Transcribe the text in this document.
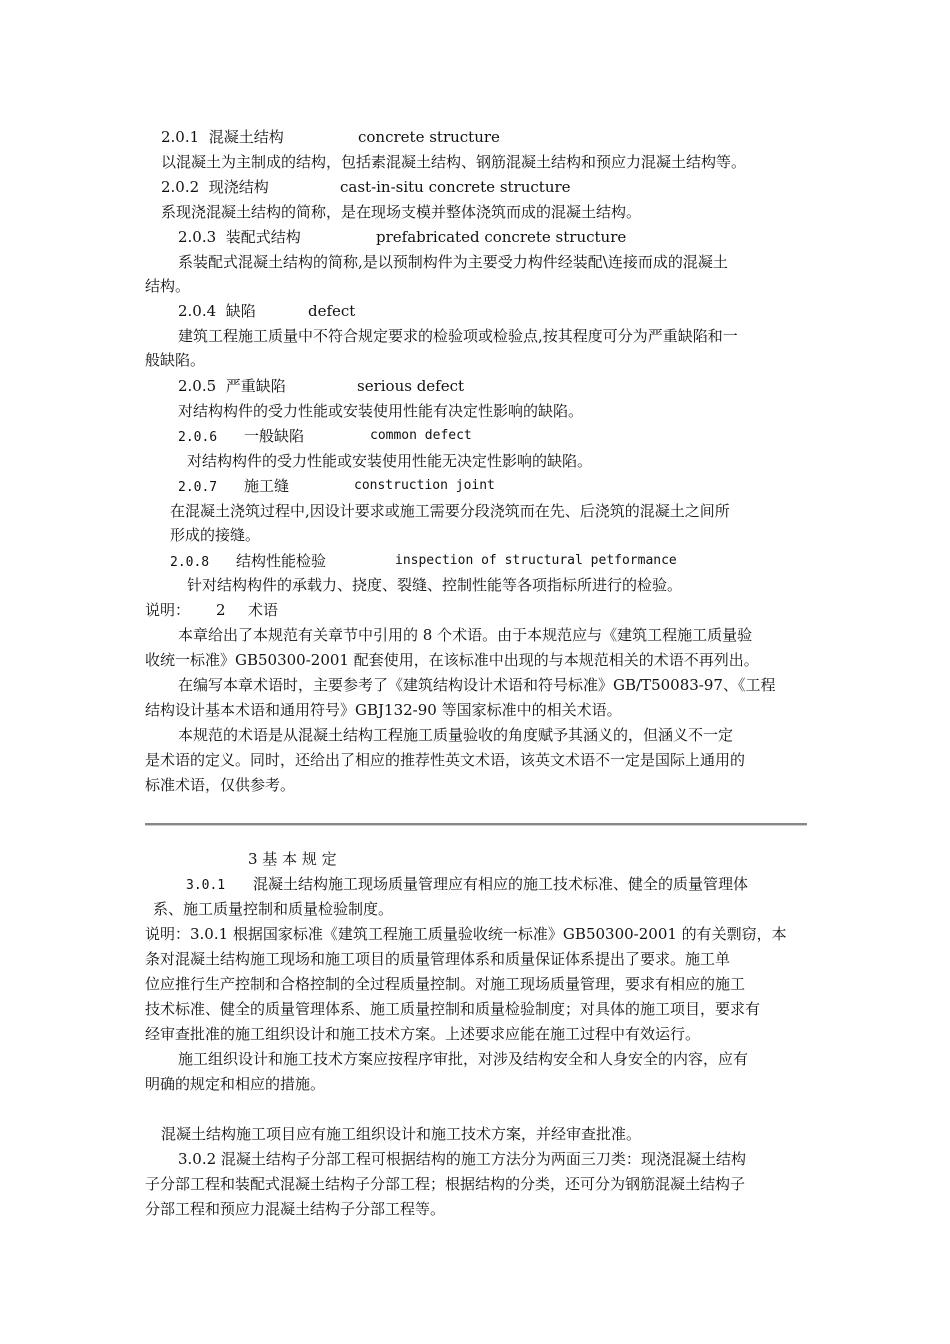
2.0.1 混凝土结构	concrete structure
以混凝土为主制成的结构，包括素混凝土结构、钢筋混凝土结构和预应力混凝土结构等。
2.0.2 现浇结构	cast-in-situ concrete structure
系现浇混凝土结构的简称，是在现场支模并整体浇筑而成的混凝土结构。
2.0.3 装配式结构	prefabricated concrete structure
系装配式混凝土结构的简称,是以预制构件为主要受力构件经装配\连接而成的混凝土
结构。
2.0.4 缺陷	defect
建筑工程施工质量中不符合规定要求的检验项或检验点,按其程度可分为严重缺陷和一
般缺陷。
2.0.5 严重缺陷	serious defect
对结构构件的受力性能或安装使用性能有决定性影响的缺陷。
2.0.6 一般缺陷	common defect
对结构构件的受力性能或安装使用性能无决定性影响的缺陷。
2.0.7 施工缝	construction joint
在混凝土浇筑过程中,因设计要求或施工需要分段浇筑而在先、后浇筑的混凝土之间所
形成的接缝。
2.0.8 结构性能检验	inspection of structural petformance
针对结构构件的承载力、挠度、裂缝、控制性能等各项指标所进行的检验。
说明： 2 术语
本章给出了本规范有关章节中引用的 8 个术语。由于本规范应与《建筑工程施工质量验
收统一标准》GB50300-2001 配套使用，在该标准中出现的与本规范相关的术语不再列出。
在编写本章术语时，主要参考了《建筑结构设计术语和符号标准》GB/T50083-97、《工程
结构设计基本术语和通用符号》GBJ132-90 等国家标准中的相关术语。
本规范的术语是从混凝土结构工程施工质量验收的角度赋予其涵义的，但涵义不一定
是术语的定义。同时，还给出了相应的推荐性英文术语，该英文术语不一定是国际上通用的
标准术语，仅供参考。
3 基 本 规 定
3.0.1 混凝土结构施工现场质量管理应有相应的施工技术标准、健全的质量管理体
系、施工质量控制和质量检验制度。
说明：3.0.1 根据国家标准《建筑工程施工质量验收统一标准》GB50300-2001 的有关剽窃，本
条对混凝土结构施工现场和施工项目的质量管理体系和质量保证体系提出了要求。施工单
位应推行生产控制和合格控制的全过程质量控制。对施工现场质量管理，要求有相应的施工
技术标准、健全的质量管理体系、施工质量控制和质量检验制度；对具体的施工项目，要求有
经审查批准的施工组织设计和施工技术方案。上述要求应能在施工过程中有效运行。
施工组织设计和施工技术方案应按程序审批，对涉及结构安全和人身安全的内容，应有
明确的规定和相应的措施。
混凝土结构施工项目应有施工组织设计和施工技术方案，并经审查批准。
3.0.2 混凝土结构子分部工程可根据结构的施工方法分为两面三刀类：现浇混凝土结构
子分部工程和装配式混凝土结构子分部工程；根据结构的分类，还可分为钢筋混凝土结构子
分部工程和预应力混凝土结构子分部工程等。
